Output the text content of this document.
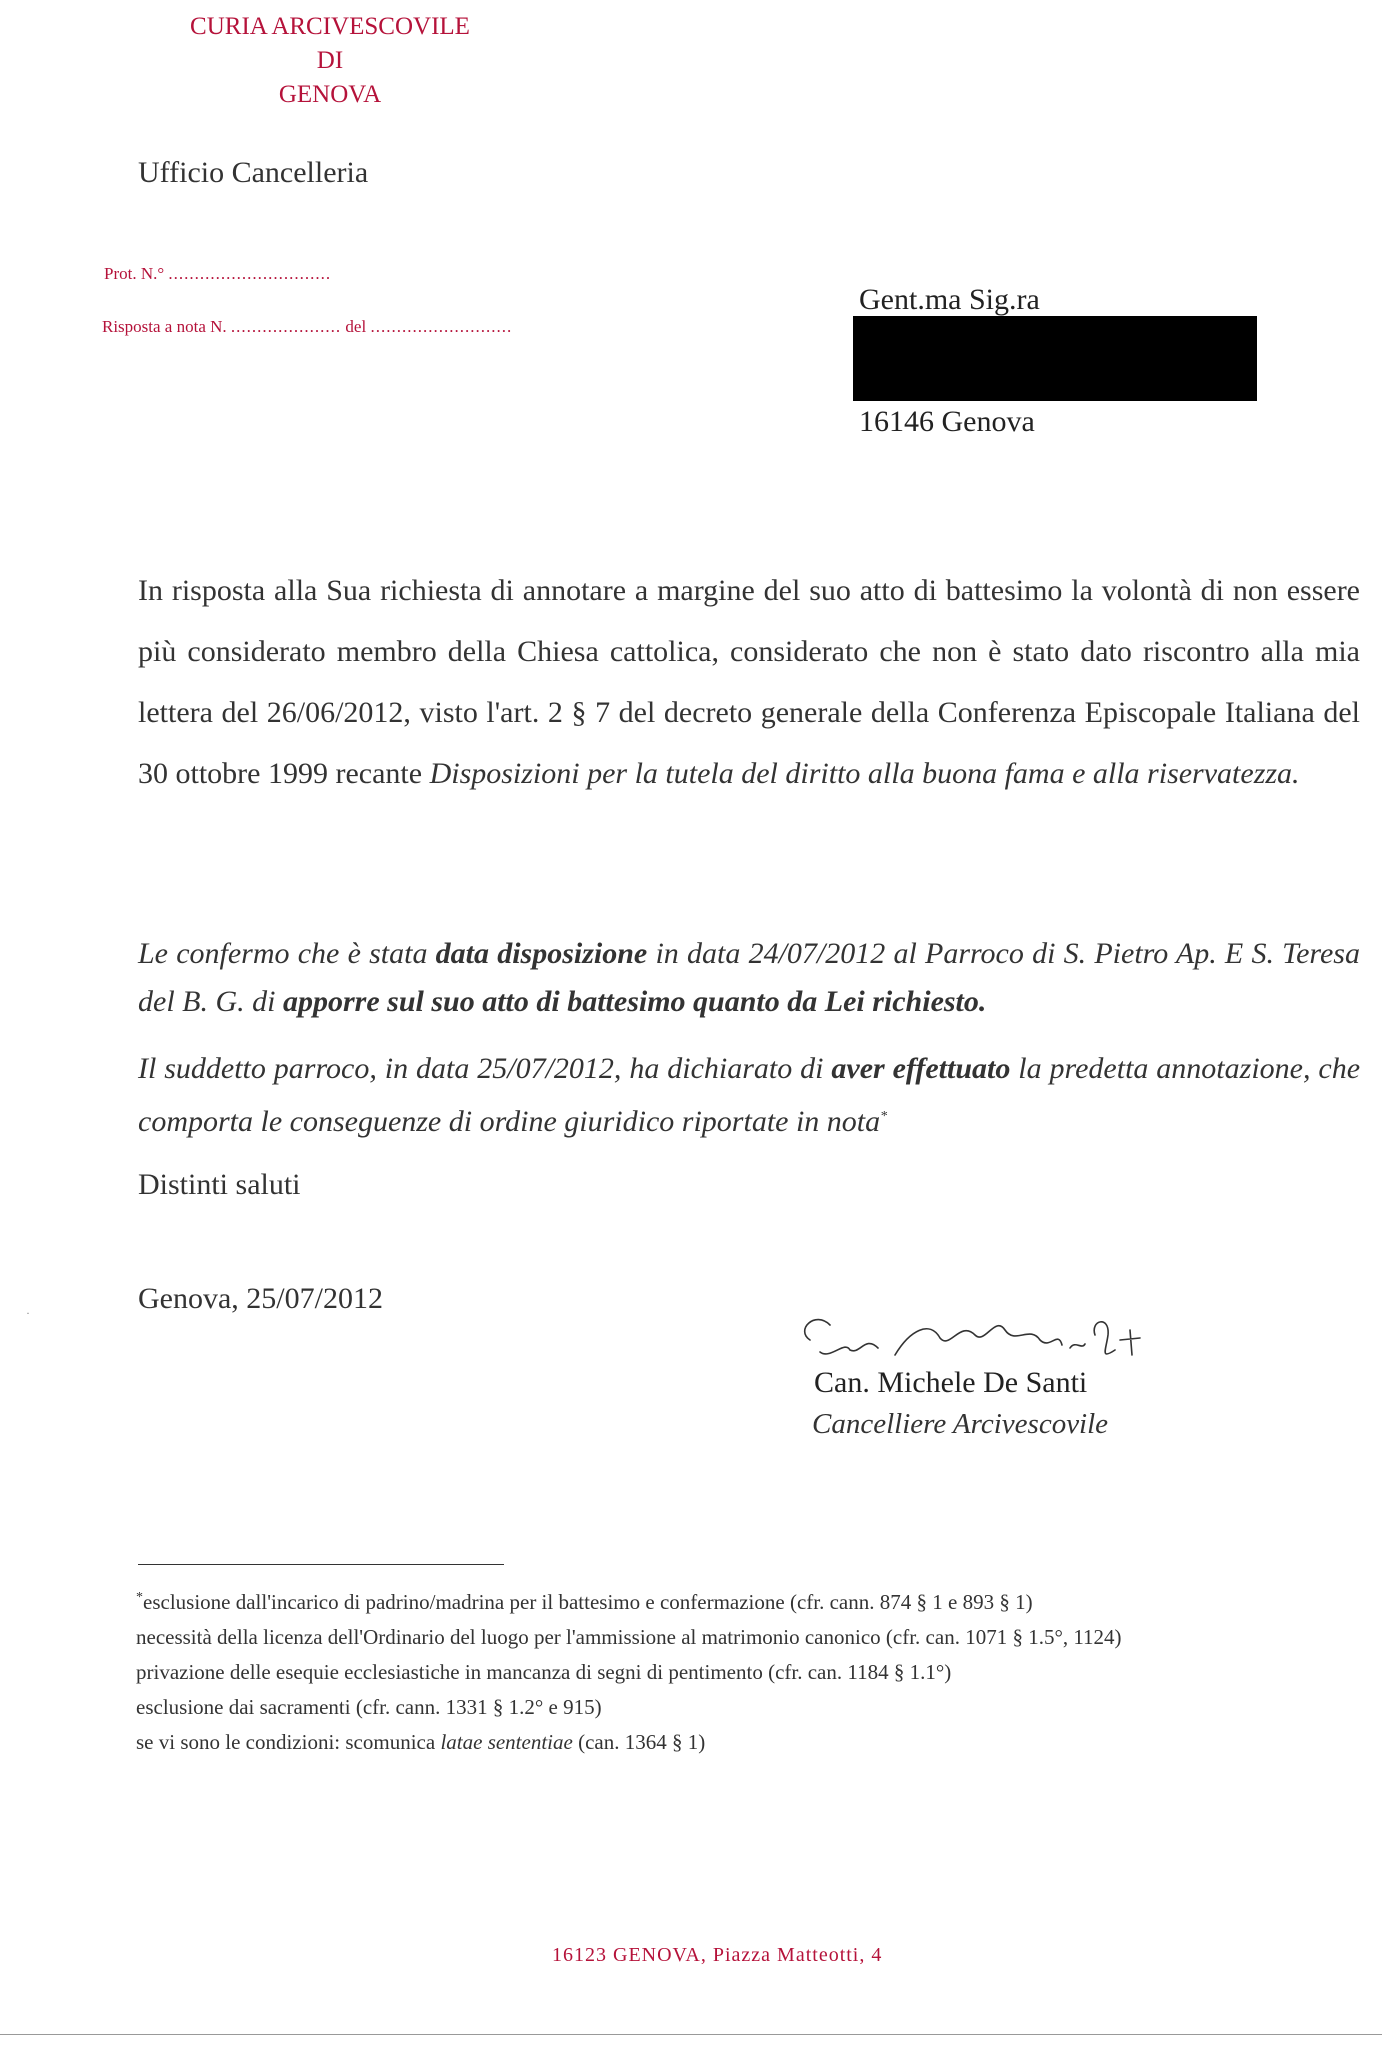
CURIA ARCIVESCOVILE
DI
GENOVA
Ufficio Cancelleria
Prot. N.° ...............................
Risposta a nota N. ..................... del ...........................
Gent.ma Sig.ra
16146 Genova
In risposta alla Sua richiesta di annotare a margine del suo atto di battesimo la volontà di non essere più considerato membro della Chiesa cattolica, considerato che non è stato dato riscontro alla mia lettera del 26/06/2012, visto l'art. 2 § 7 del decreto generale della Conferenza Episcopale Italiana del 30 ottobre 1999 recante Disposizioni per la tutela del diritto alla buona fama e alla riservatezza.
Le confermo che è stata data disposizione in data 24/07/2012 al Parroco di S. Pietro Ap. E S. Teresa del B. G. di apporre sul suo atto di battesimo quanto da Lei richiesto.
Il suddetto parroco, in data 25/07/2012, ha dichiarato di aver effettuato la predetta annotazione, che comporta le conseguenze di ordine giuridico riportate in nota*
Distinti saluti
Genova, 25/07/2012
Can. Michele De Santi
Cancelliere Arcivescovile
*esclusione dall'incarico di padrino/madrina per il battesimo e confermazione (cfr. cann. 874 § 1 e 893 § 1)
necessità della licenza dell'Ordinario del luogo per l'ammissione al matrimonio canonico (cfr. can. 1071 § 1.5°, 1124)
privazione delle esequie ecclesiastiche in mancanza di segni di pentimento (cfr. can. 1184 § 1.1°)
esclusione dai sacramenti (cfr. cann. 1331 § 1.2° e 915)
se vi sono le condizioni: scomunica latae sententiae (can. 1364 § 1)
16123 GENOVA, Piazza Matteotti, 4
·
